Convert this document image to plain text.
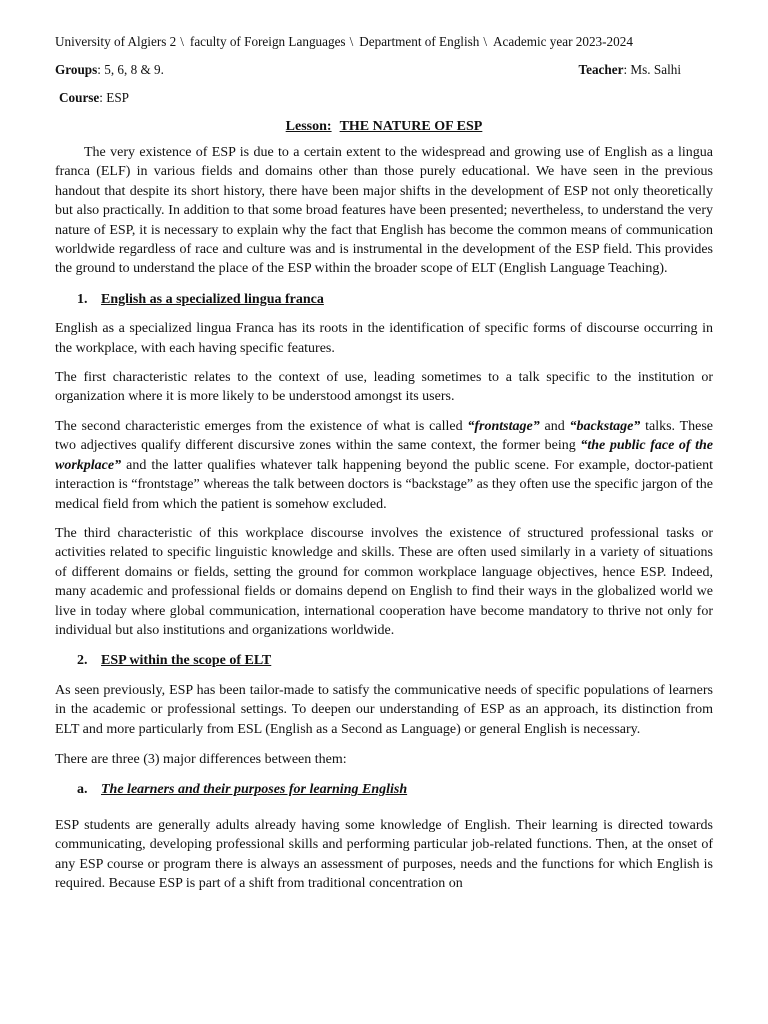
University of Algiers 2 \ faculty of Foreign Languages \ Department of English \ Academic year 2023-2024
Groups: 5, 6, 8 & 9.	Teacher: Ms. Salhi
Course: ESP
Lesson: THE NATURE OF ESP

The very existence of ESP is due to a certain extent to the widespread and growing use of English as a lingua franca (ELF) in various fields and domains other than those purely educational. We have seen in the previous handout that despite its short history, there have been major shifts in the development of ESP not only theoretically but also practically. In addition to that some broad features have been presented; nevertheless, to understand the very nature of ESP, it is necessary to explain why the fact that English has become the common means of communication worldwide regardless of race and culture was and is instrumental in the development of the ESP field. This provides the ground to understand the place of the ESP within the broader scope of ELT (English Language Teaching).

1. English as a specialized lingua franca

English as a specialized lingua Franca has its roots in the identification of specific forms of discourse occurring in the workplace, with each having specific features.

The first characteristic relates to the context of use, leading sometimes to a talk specific to the institution or organization where it is more likely to be understood amongst its users.

The second characteristic emerges from the existence of what is called “frontstage” and “backstage” talks. These two adjectives qualify different discursive zones within the same context, the former being “the public face of the workplace” and the latter qualifies whatever talk happening beyond the public scene. For example, doctor-patient interaction is “frontstage” whereas the talk between doctors is “backstage” as they often use the specific jargon of the medical field from which the patient is somehow excluded.

The third characteristic of this workplace discourse involves the existence of structured professional tasks or activities related to specific linguistic knowledge and skills. These are often used similarly in a variety of situations of different domains or fields, setting the ground for common workplace language objectives, hence ESP. Indeed, many academic and professional fields or domains depend on English to find their ways in the globalized world we live in today where global communication, international cooperation have become mandatory to thrive not only for individual but also institutions and organizations worldwide.

2. ESP within the scope of ELT

As seen previously, ESP has been tailor-made to satisfy the communicative needs of specific populations of learners in the academic or professional settings. To deepen our understanding of ESP as an approach, its distinction from ELT and more particularly from ESL (English as a Second as Language) or general English is necessary.

There are three (3) major differences between them:

a. The learners and their purposes for learning English

ESP students are generally adults already having some knowledge of English. Their learning is directed towards communicating, developing professional skills and performing particular job-related functions. Then, at the onset of any ESP course or program there is always an assessment of purposes, needs and the functions for which English is required. Because ESP is part of a shift from traditional concentration on
